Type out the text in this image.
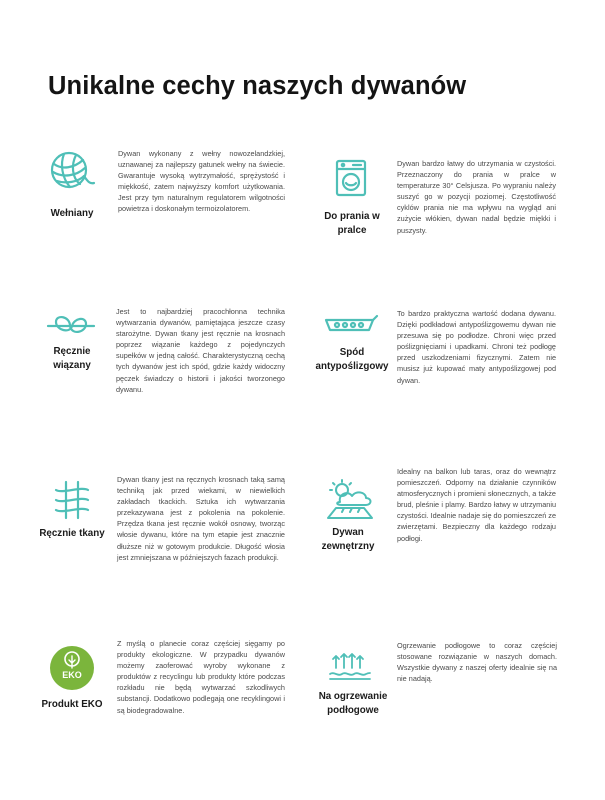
Unikalne cechy naszych dywanów
Wełniany
Dywan wykonany z wełny nowozelandzkiej, uznawanej za najlepszy gatunek wełny na świecie. Gwarantuje wysoką wytrzymałość, sprężystość i miękkość, zatem najwyższy komfort użytkowania. Jest przy tym naturalnym regulatorem wilgotności powietrza i doskonałym termoizolatorem.
Do prania w pralce
Dywan bardzo łatwy do utrzymania w czystości. Przeznaczony do prania w pralce w temperaturze 30° Celsjusza. Po wypraniu należy suszyć go w pozycji poziomej. Częstotliwość cyklów prania nie ma wpływu na wygląd ani zużycie włókien, dywan nadal będzie miękki i puszysty.
Ręcznie wiązany
Jest to najbardziej pracochłonna technika wytwarzania dywanów, pamiętająca jeszcze czasy starożytne. Dywan tkany jest ręcznie na krosnach poprzez wiązanie każdego z pojedynczych supełków w jedną całość. Charakterystyczną cechą tych dywanów jest ich spód, gdzie każdy widoczny pęczek świadczy o historii i jakości tworzonego dywanu.
Spód antypoślizgowy
To bardzo praktyczna wartość dodana dywanu. Dzięki podkładowi antypoślizgowemu dywan nie przesuwa się po podłodze. Chroni więc przed poślizgnięciami i upadkami. Chroni też podłogę przed uszkodzeniami fizycznymi. Zatem nie musisz już kupować maty antypoślizgowej pod dywan.
Ręcznie tkany
Dywan tkany jest na ręcznych krosnach taką samą techniką jak przed wiekami, w niewielkich zakładach tkackich. Sztuka ich wytwarzania przekazywana jest z pokolenia na pokolenie. Przędza tkana jest ręcznie wokół osnowy, tworząc włosie dywanu, które na tym etapie jest znacznie dłuższe niż w gotowym produkcie. Długość włosia jest zmniejszana w późniejszych fazach produkcji.
Dywan zewnętrzny
Idealny na balkon lub taras, oraz do wewnątrz pomieszczeń. Odporny na działanie czynników atmosferycznych i promieni słonecznych, a także brud, pleśnie i plamy. Bardzo łatwy w utrzymaniu czystości. Idealnie nadaje się do pomieszczeń ze zwierzętami. Bezpieczny dla każdego rodzaju podłogi.
EKO
Produkt EKO
Z myślą o planecie coraz częściej sięgamy po produkty ekologiczne. W przypadku dywanów możemy zaoferować wyroby wykonane z produktów z recyclingu lub produkty które podczas rozkładu nie będą wytwarzać szkodliwych substancji. Dodatkowo podlegają one recyklingowi i są biodegradowalne.
Na ogrzewanie podłogowe
Ogrzewanie podłogowe to coraz częściej stosowane rozwiązanie w naszych domach. Wszystkie dywany z naszej oferty idealnie się na nie nadają.
